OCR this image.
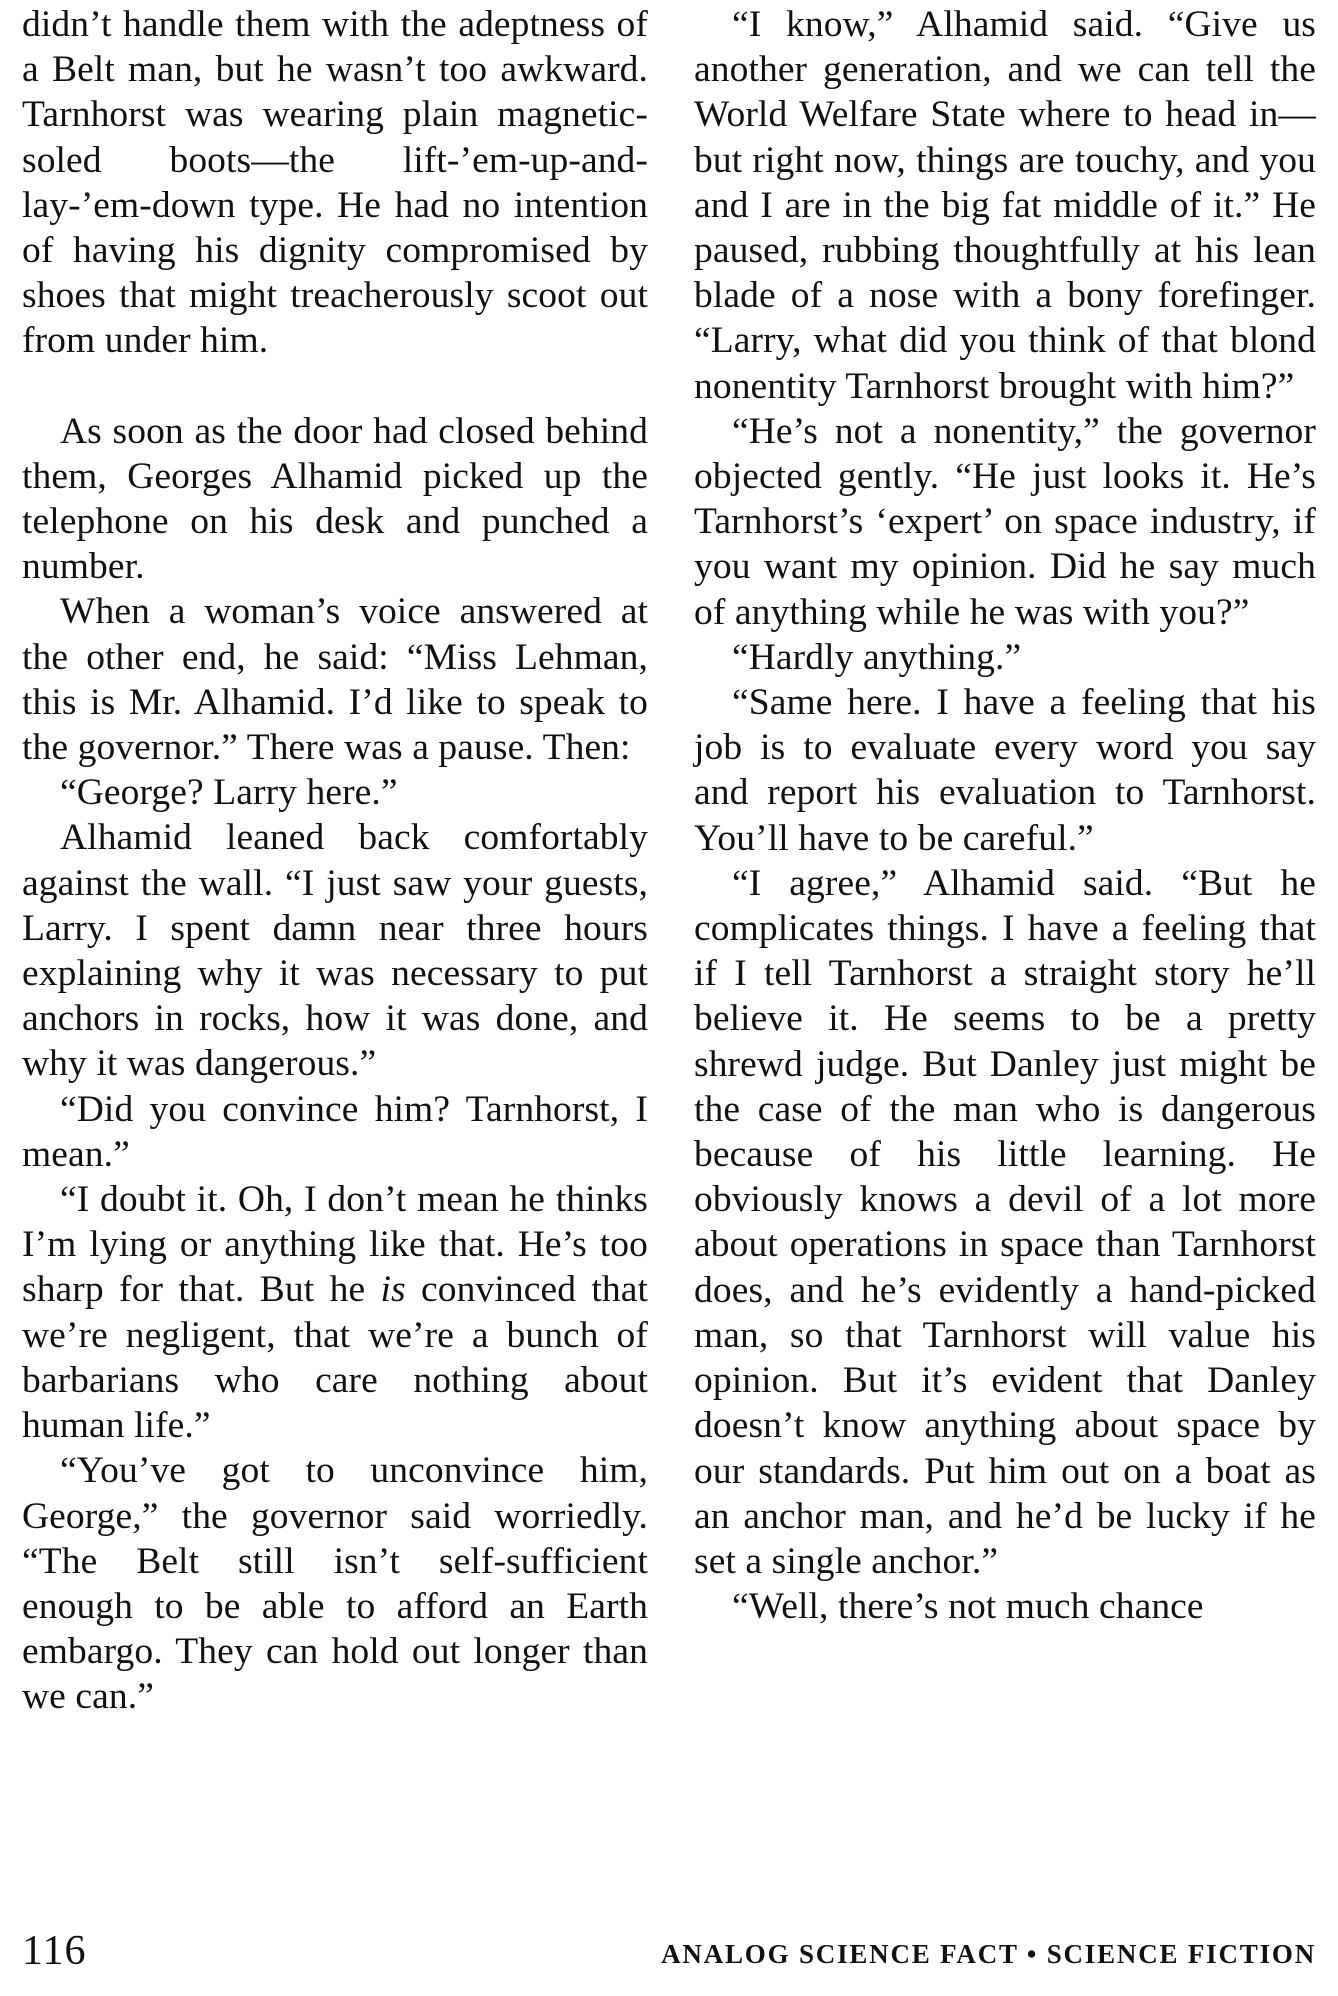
didn’t handle them with the adeptness of a Belt man, but he wasn’t too awkward. Tarnhorst was wearing plain magnetic-soled boots—the lift-’em-up-and-lay-’em-down type. He had no intention of having his dignity compromised by shoes that might treacherously scoot out from under him.

As soon as the door had closed behind them, Georges Alhamid picked up the telephone on his desk and punched a number.

When a woman’s voice answered at the other end, he said: “Miss Lehman, this is Mr. Alhamid. I’d like to speak to the governor.” There was a pause. Then:

“George? Larry here.”

Alhamid leaned back comfortably against the wall. “I just saw your guests, Larry. I spent damn near three hours explaining why it was necessary to put anchors in rocks, how it was done, and why it was dangerous.”

“Did you convince him? Tarnhorst, I mean.”

“I doubt it. Oh, I don’t mean he thinks I’m lying or anything like that. He’s too sharp for that. But he is convinced that we’re negligent, that we’re a bunch of barbarians who care nothing about human life.”

“You’ve got to unconvince him, George,” the governor said worriedly. “The Belt still isn’t self-sufficient enough to be able to afford an Earth embargo. They can hold out longer than we can.”

“I know,” Alhamid said. “Give us another generation, and we can tell the World Welfare State where to head in—but right now, things are touchy, and you and I are in the big fat middle of it.” He paused, rubbing thoughtfully at his lean blade of a nose with a bony forefinger. “Larry, what did you think of that blond nonentity Tarnhorst brought with him?”

“He’s not a nonentity,” the governor objected gently. “He just looks it. He’s Tarnhorst’s ‘expert’ on space industry, if you want my opinion. Did he say much of anything while he was with you?”

“Hardly anything.”

“Same here. I have a feeling that his job is to evaluate every word you say and report his evaluation to Tarnhorst. You’ll have to be careful.”

“I agree,” Alhamid said. “But he complicates things. I have a feeling that if I tell Tarnhorst a straight story he’ll believe it. He seems to be a pretty shrewd judge. But Danley just might be the case of the man who is dangerous because of his little learning. He obviously knows a devil of a lot more about operations in space than Tarnhorst does, and he’s evidently a hand-picked man, so that Tarnhorst will value his opinion. But it’s evident that Danley doesn’t know anything about space by our standards. Put him out on a boat as an anchor man, and he’d be lucky if he set a single anchor.”

“Well, there’s not much chance

116	ANALOG SCIENCE FACT • SCIENCE FICTION
